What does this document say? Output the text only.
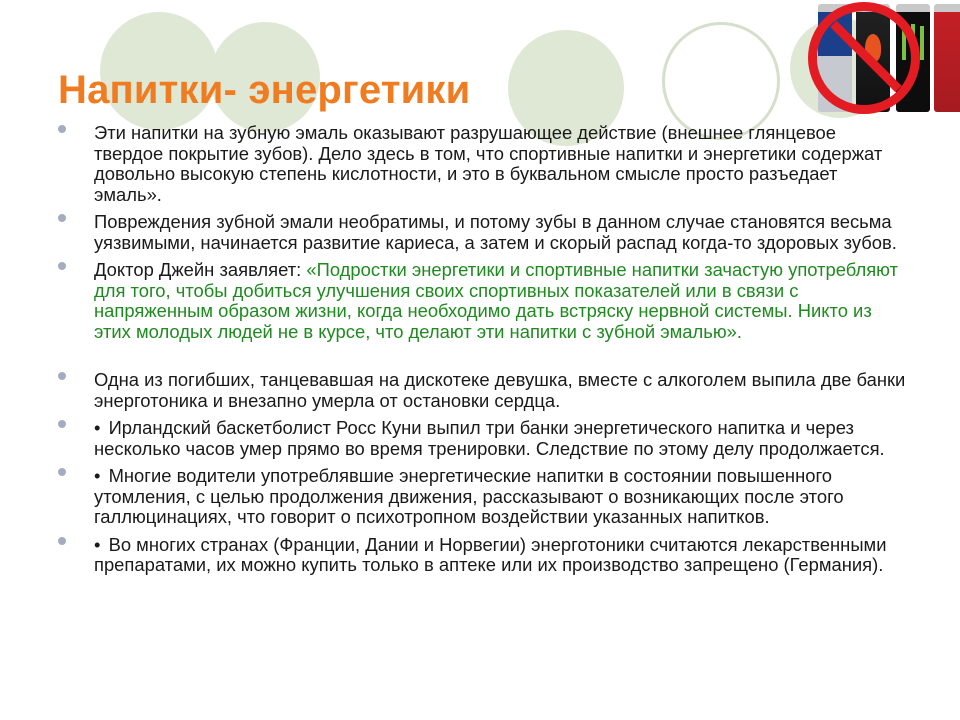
Напитки- энергетики
Эти напитки на зубную эмаль оказывают разрушающее действие (внешнее глянцевое твердое покрытие зубов). Дело здесь в том, что спортивные напитки и энергетики содержат довольно высокую степень кислотности, и это в буквальном смысле просто разъедает эмаль».
Повреждения зубной эмали необратимы, и потому зубы в данном случае становятся весьма уязвимыми, начинается развитие кариеса, а затем и скорый распад когда-то здоровых зубов.
Доктор Джейн заявляет: «Подростки энергетики и спортивные напитки зачастую употребляют для того, чтобы добиться улучшения своих спортивных показателей или в связи с напряженным образом жизни, когда необходимо дать встряску нервной системы. Никто из этих молодых людей не в курсе, что делают эти напитки с зубной эмалью».
Одна из погибших, танцевавшая на дискотеке девушка, вместе с алкоголем выпила две банки энерготоника и внезапно умерла от остановки сердца.
• Ирландский баскетболист Росс Куни выпил три банки энергетического напитка и через несколько часов умер прямо во время тренировки. Следствие по этому делу продолжается.
• Многие водители употреблявшие энергетические напитки в состоянии повышенного утомления, с целью продолжения движения, рассказывают о возникающих после этого галлюцинациях, что говорит о психотропном воздействии указанных напитков.
• Во многих странах (Франции, Дании и Норвегии) энерготоники считаются лекарственными препаратами, их можно купить только в аптеке или их производство запрещено (Германия).
